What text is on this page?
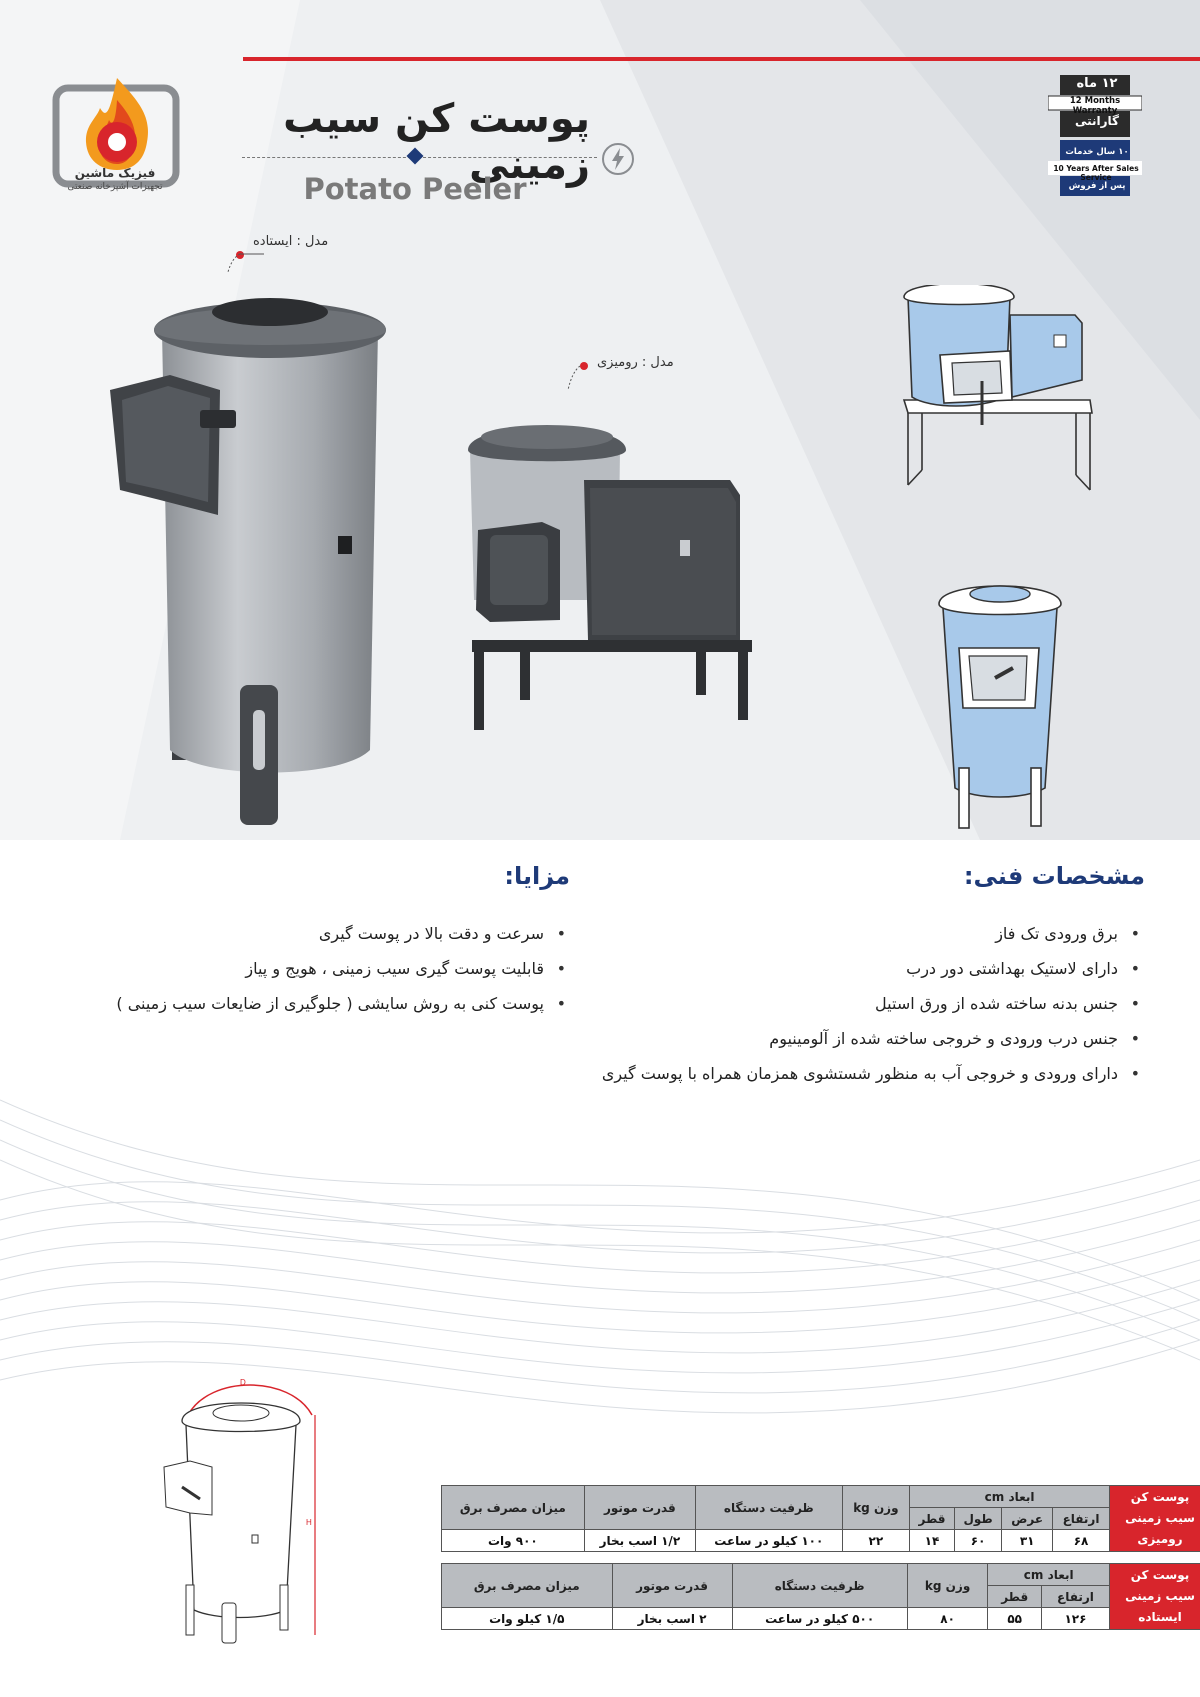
فیزیک ماشین
تجهیزات آشپزخانه صنعتی
پوست کن سیب زمینی
Potato Peeler
۱۲ ماه
12 Months Warranty
گارانتی
۱۰ سال خدمات
10 Years After Sales Service
پس از فروش
مدل : ایستاده
مدل : رومیزی
مشخصات فنی:
• برق ورودی تک فاز
• دارای لاستیک بهداشتی دور درب
• جنس بدنه ساخته شده از ورق استیل
• جنس درب ورودی و خروجی ساخته شده از آلومینیوم
• دارای ورودی و خروجی آب به منظور شستشوی همزمان همراه با پوست گیری
مزایا:
• سرعت و دقت بالا در پوست گیری
• قابلیت پوست گیری سیب زمینی ، هویج و پیاز
• پوست کنی به روش سایشی ( جلوگیری از ضایعات سیب زمینی )
D
H
پوست کن سیب زمینی رومیزی	ابعاد cm				وزن kg	ظرفیت دستگاه	قدرت موتور	میزان مصرف برق
	ارتفاع	عرض	طول	قطر				
	۶۸	۳۱	۶۰	۱۴	۲۲	۱۰۰ کیلو در ساعت	۱/۲ اسب بخار	۹۰۰ وات
پوست کن سیب زمینی ایستاده	ابعاد cm		وزن kg	ظرفیت دستگاه	قدرت موتور	میزان مصرف برق
	ارتفاع	قطر				
	۱۲۶	۵۵	۸۰	۵۰۰ کیلو در ساعت	۲ اسب بخار	۱/۵ کیلو وات
